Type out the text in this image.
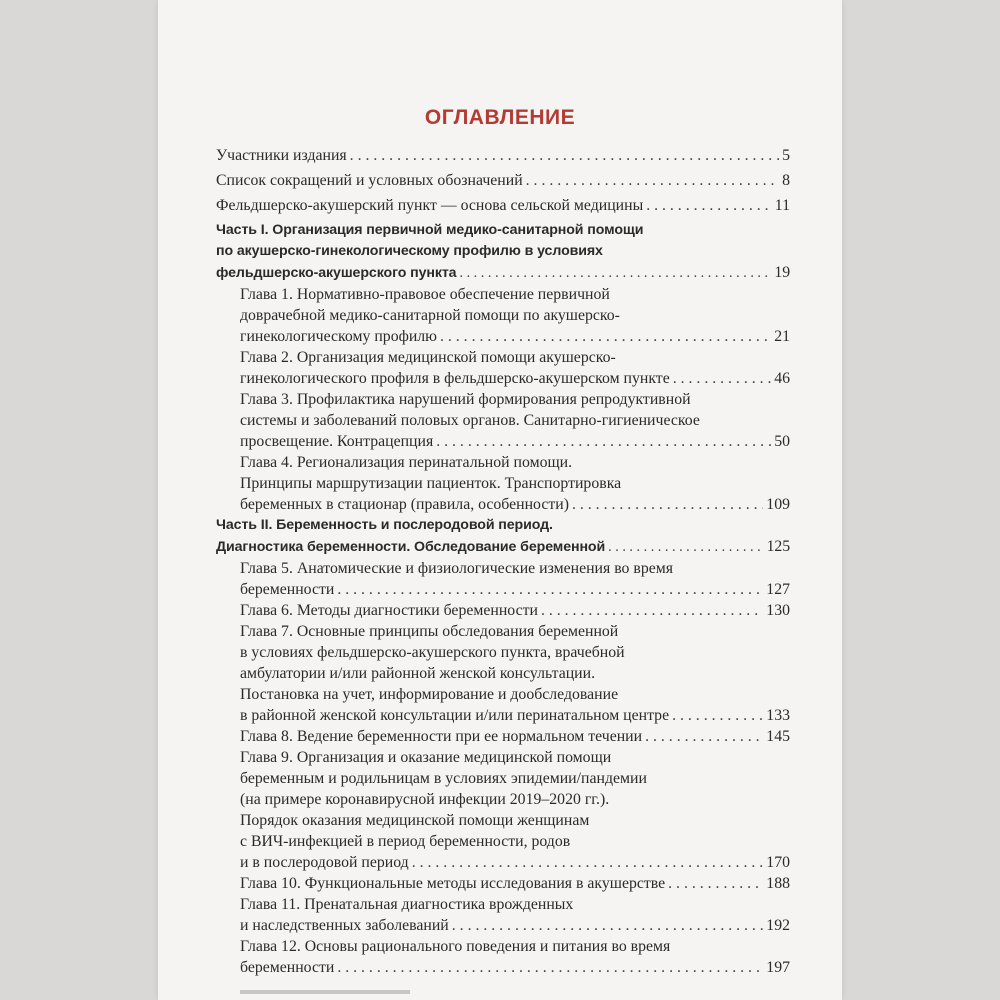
ОГЛАВЛЕНИЕ
Участники издания . . .	5
Список сокращений и условных обозначений . . .	8
Фельдшерско-акушерский пункт — основа сельской медицины . . .	11
Часть I. Организация первичной медико-санитарной помощи
по акушерско-гинекологическому профилю в условиях
фельдшерско-акушерского пункта . . .	19
Глава 1. Нормативно-правовое обеспечение первичной
доврачебной медико-санитарной помощи по акушерско-
гинекологическому профилю . . .	21
Глава 2. Организация медицинской помощи акушерско-
гинекологического профиля в фельдшерско-акушерском пункте . . .	46
Глава 3. Профилактика нарушений формирования репродуктивной
системы и заболеваний половых органов. Санитарно-гигиеническое
просвещение. Контрацепция . . .	50
Глава 4. Регионализация перинатальной помощи.
Принципы маршрутизации пациенток. Транспортировка
беременных в стационар (правила, особенности) . . .	109
Часть II. Беременность и послеродовой период.
Диагностика беременности. Обследование беременной . . .	125
Глава 5. Анатомические и физиологические изменения во время
беременности . . .	127
Глава 6. Методы диагностики беременности . . .	130
Глава 7. Основные принципы обследования беременной
в условиях фельдшерско-акушерского пункта, врачебной
амбулатории и/или районной женской консультации.
Постановка на учет, информирование и дообследование
в районной женской консультации и/или перинатальном центре . . .	133
Глава 8. Ведение беременности при ее нормальном течении . . .	145
Глава 9. Организация и оказание медицинской помощи
беременным и родильницам в условиях эпидемии/пандемии
(на примере коронавирусной инфекции 2019–2020 гг.).
Порядок оказания медицинской помощи женщинам
с ВИЧ-инфекцией в период беременности, родов
и в послеродовой период . . .	170
Глава 10. Функциональные методы исследования в акушерстве . . .	188
Глава 11. Пренатальная диагностика врожденных
и наследственных заболеваний . . .	192
Глава 12. Основы рационального поведения и питания во время
беременности . . .	197
